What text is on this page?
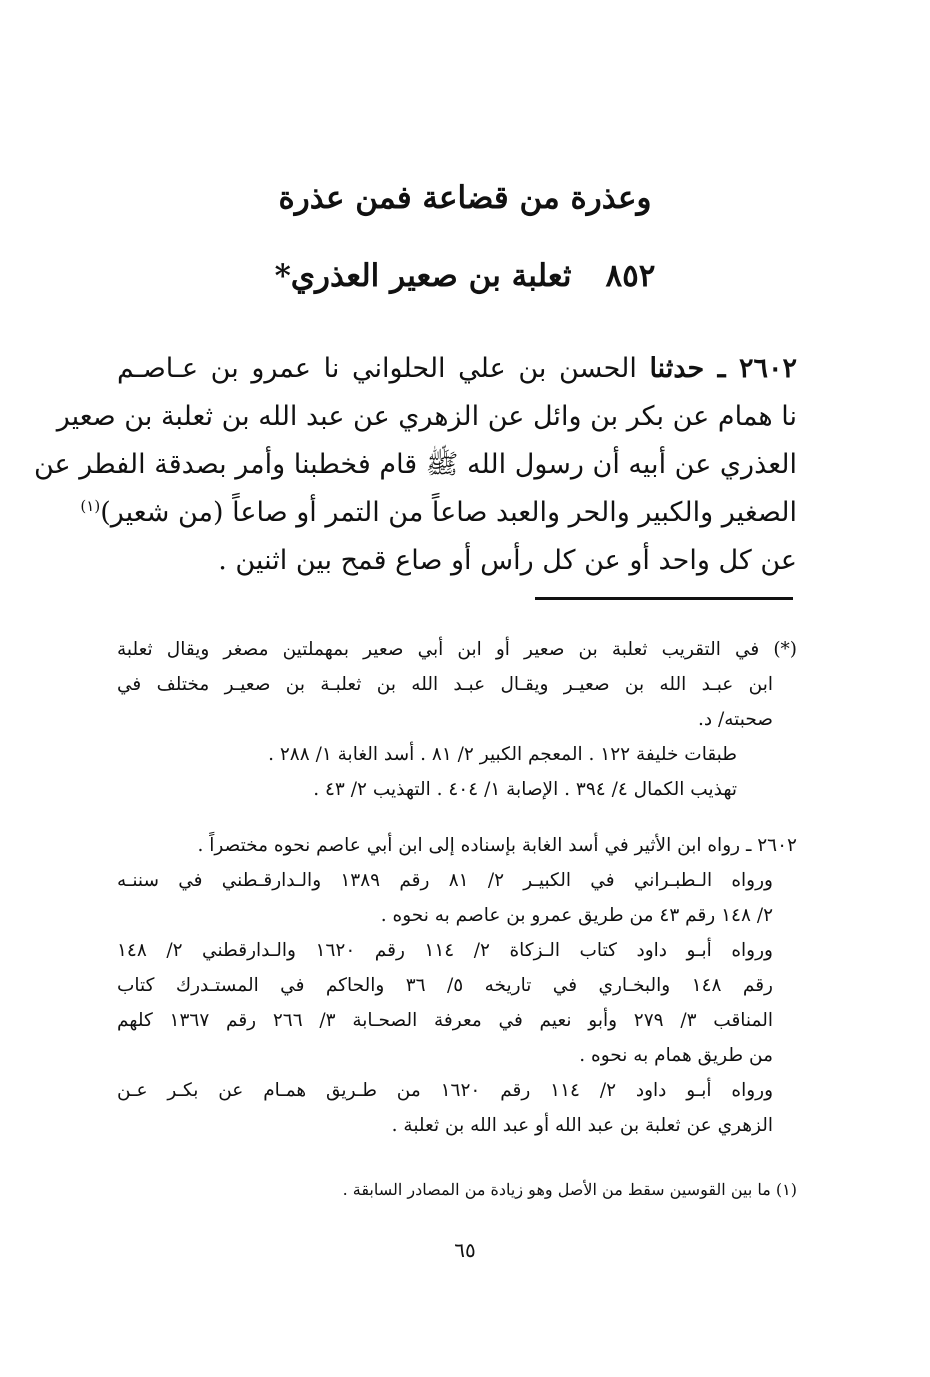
وعذرة من قضاعة فمن عذرة
٨٥٢ثعلبة بن صعير العذري*
٢٦٠٢ ـ حدثنا الحسن بن علي الحلواني نا عمرو بن عـاصـم
نا همام عن بكر بن وائل عن الزهري عن عبد الله بن ثعلبة بن صعير
العذري عن أبيه أن رسول الله ﷺ قام فخطبنا وأمر بصدقة الفطر عن
الصغير والكبير والحر والعبد صاعاً من التمر أو صاعاً (من شعير)$^{(١)}$
عن كل واحد أو عن كل رأس أو صاع قمح بين اثنين .
(*) في التقريب ثعلبة بن صعير أو ابن أبي صعير بمهملتين مصغر ويقال ثعلبة
ابن عبـد الله بن صعيـر ويقـال عبـد الله بن ثعلبـة بن صعيـر مختلف في
صحبته/ د.
طبقات خليفة ١٢٢ . المعجم الكبير ٢/ ٨١ . أسد الغابة ١/ ٢٨٨ .
تهذيب الكمال ٤/ ٣٩٤ . الإصابة ١/ ٤٠٤ . التهذيب ٢/ ٤٣ .
٢٦٠٢ ـ رواه ابن الأثير في أسد الغابة بإسناده إلى ابن أبي عاصم نحوه مختصراً .
ورواه الـطبـراني في الكبيـر ٢/ ٨١ رقم ١٣٨٩ والـدارقـطني في سننـه
٢/ ١٤٨ رقم ٤٣ من طريق عمرو بن عاصم به نحوه .
ورواه أبـو داود كتاب الـزكاة ٢/ ١١٤ رقم ١٦٢٠ والـدارقطني ٢/ ١٤٨
رقم ١٤٨ والبخـاري في تاريخه ٥/ ٣٦ والحاكم في المستـدرك كتاب
المناقب ٣/ ٢٧٩ وأبو نعيم في معرفة الصحـابة ٣/ ٢٦٦ رقم ١٣٦٧ كلهم
من طريق همام به نحوه .
ورواه أبـو داود ٢/ ١١٤ رقم ١٦٢٠ من طـريق همـام عن بكـر عـن
الزهري عن ثعلبة بن عبد الله أو عبد الله بن ثعلبة .
(١) ما بين القوسين سقط من الأصل وهو زيادة من المصادر السابقة .
٦٥
